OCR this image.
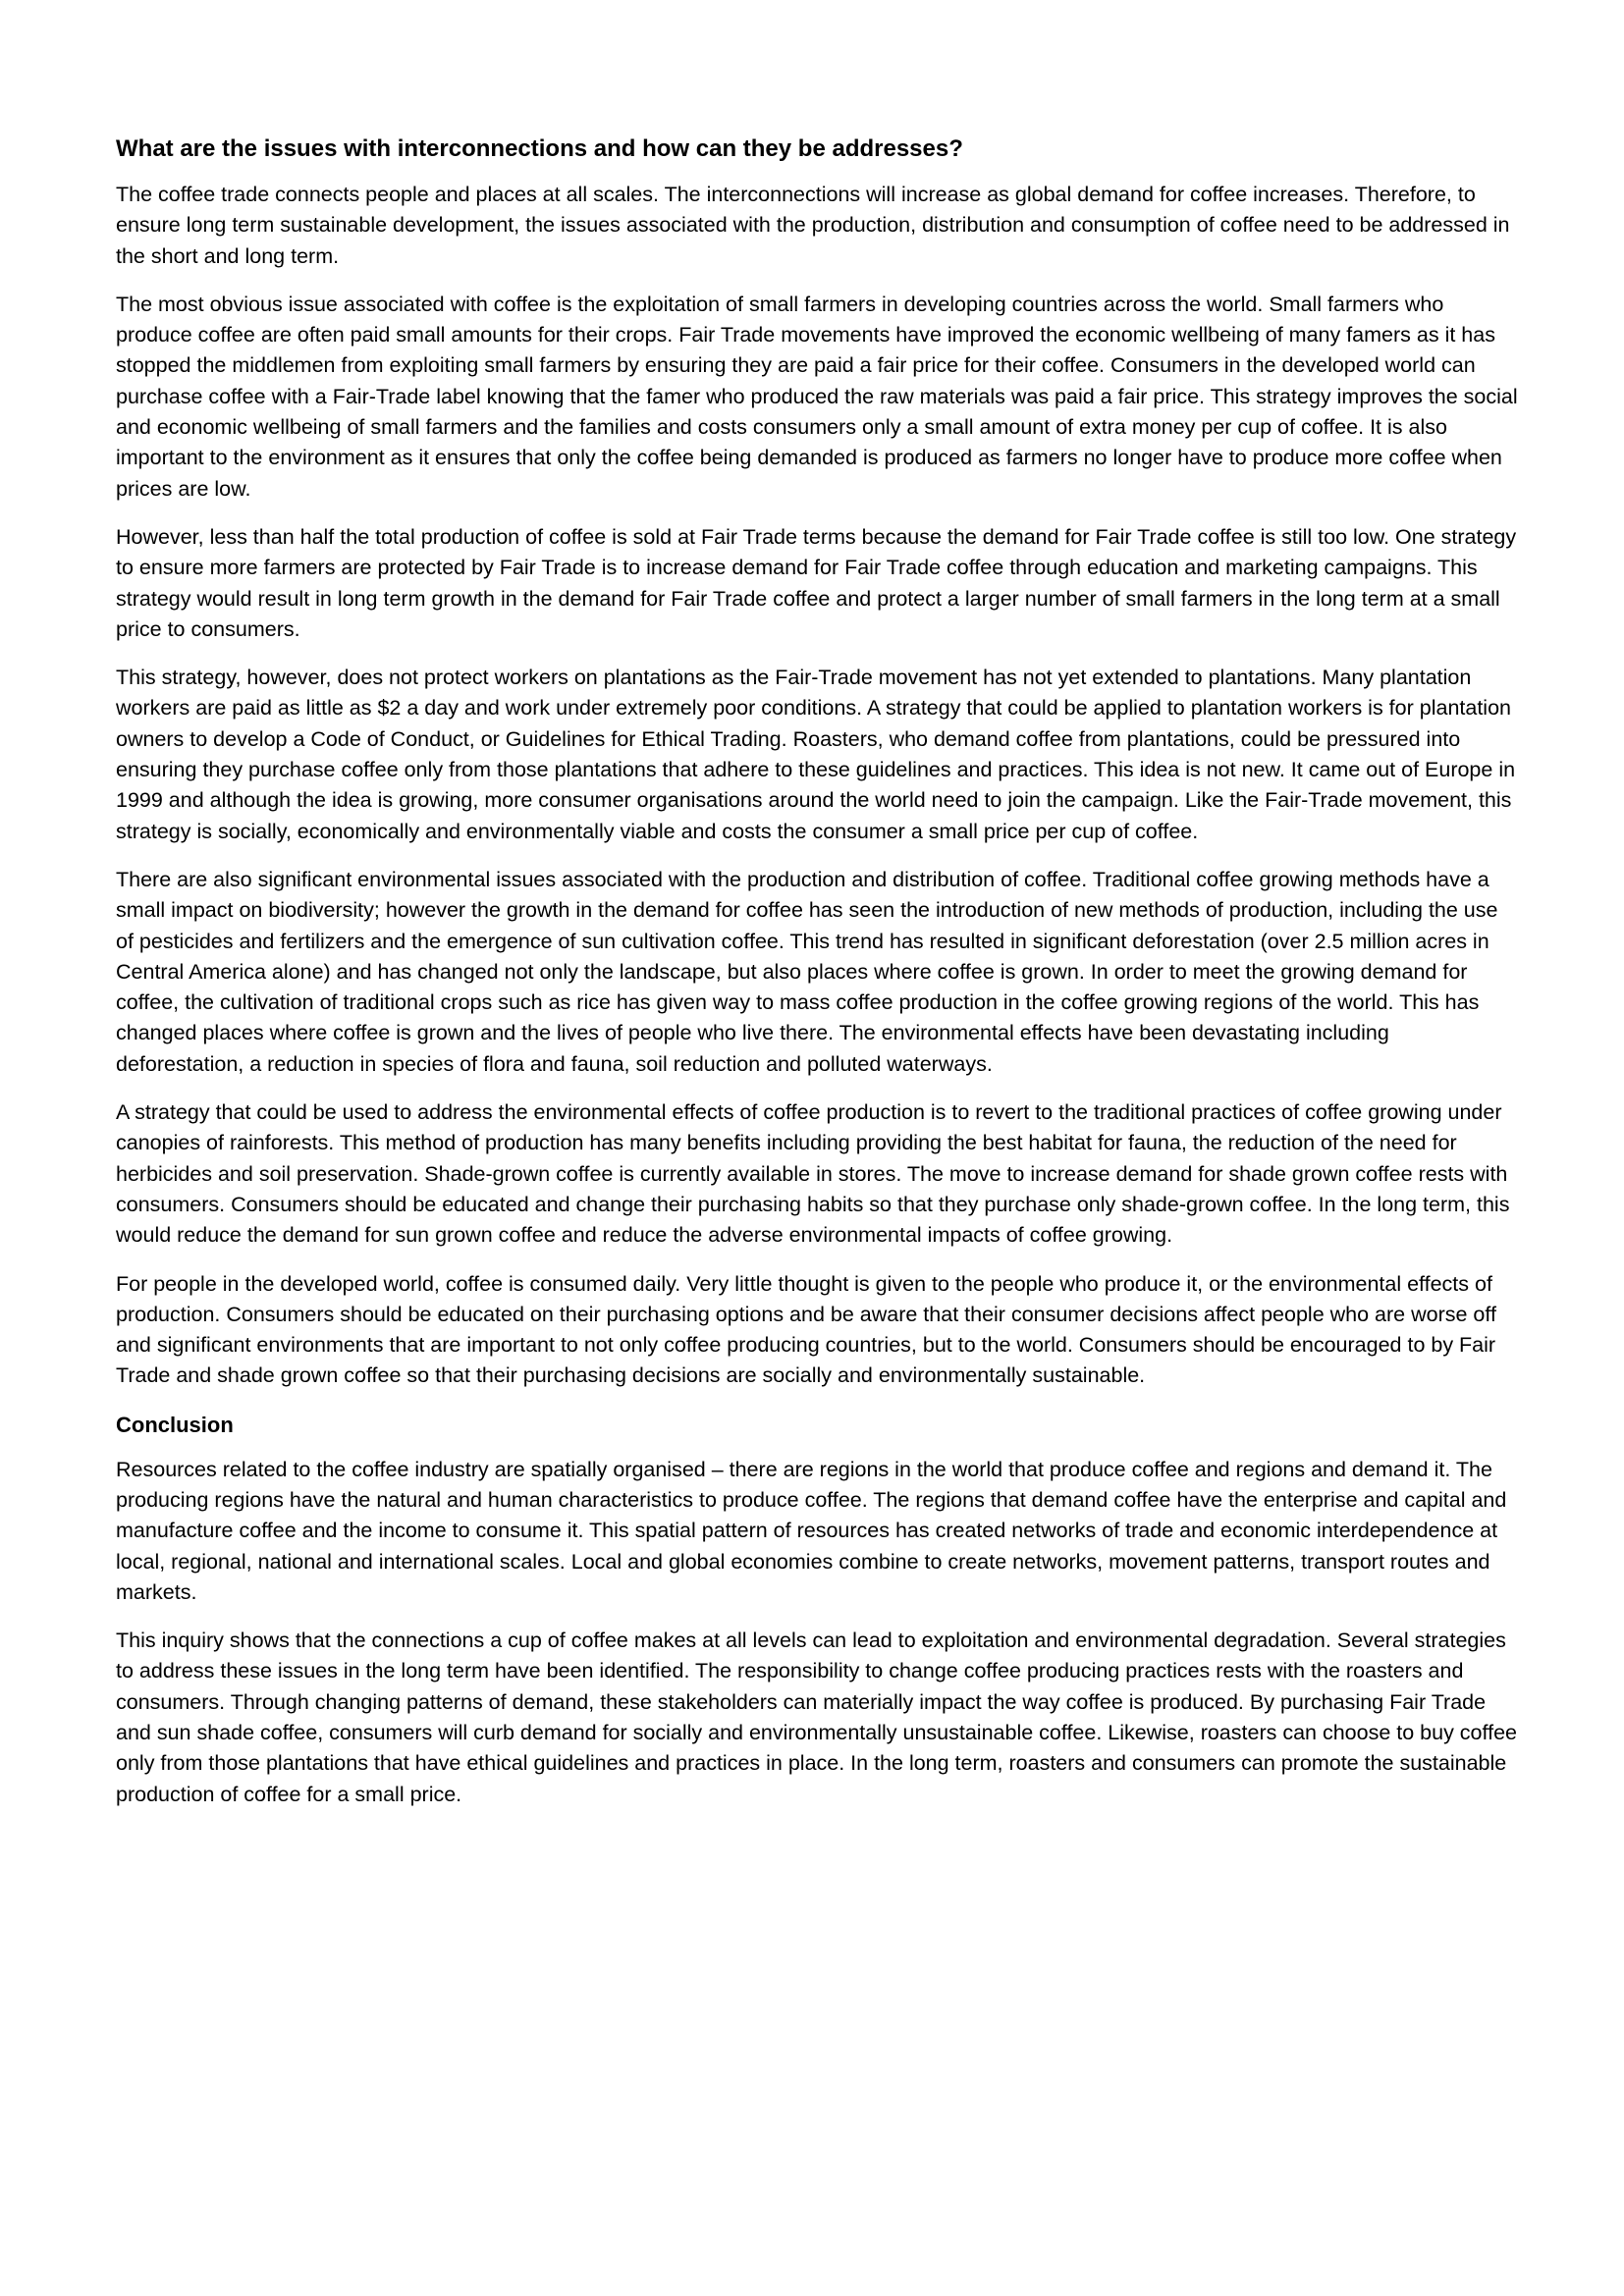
What are the issues with interconnections and how can they be addresses?

The coffee trade connects people and places at all scales. The interconnections will increase as global demand for coffee increases. Therefore, to ensure long term sustainable development, the issues associated with the production, distribution and consumption of coffee need to be addressed in the short and long term.

The most obvious issue associated with coffee is the exploitation of small farmers in developing countries across the world. Small farmers who produce coffee are often paid small amounts for their crops. Fair Trade movements have improved the economic wellbeing of many famers as it has stopped the middlemen from exploiting small farmers by ensuring they are paid a fair price for their coffee. Consumers in the developed world can purchase coffee with a Fair-Trade label knowing that the famer who produced the raw materials was paid a fair price. This strategy improves the social and economic wellbeing of small farmers and the families and costs consumers only a small amount of extra money per cup of coffee. It is also important to the environment as it ensures that only the coffee being demanded is produced as farmers no longer have to produce more coffee when prices are low.

However, less than half the total production of coffee is sold at Fair Trade terms because the demand for Fair Trade coffee is still too low. One strategy to ensure more farmers are protected by Fair Trade is to increase demand for Fair Trade coffee through education and marketing campaigns. This strategy would result in long term growth in the demand for Fair Trade coffee and protect a larger number of small farmers in the long term at a small price to consumers.

This strategy, however, does not protect workers on plantations as the Fair-Trade movement has not yet extended to plantations. Many plantation workers are paid as little as $2 a day and work under extremely poor conditions. A strategy that could be applied to plantation workers is for plantation owners to develop a Code of Conduct, or Guidelines for Ethical Trading. Roasters, who demand coffee from plantations, could be pressured into ensuring they purchase coffee only from those plantations that adhere to these guidelines and practices. This idea is not new. It came out of Europe in 1999 and although the idea is growing, more consumer organisations around the world need to join the campaign. Like the Fair-Trade movement, this strategy is socially, economically and environmentally viable and costs the consumer a small price per cup of coffee.

There are also significant environmental issues associated with the production and distribution of coffee. Traditional coffee growing methods have a small impact on biodiversity; however the growth in the demand for coffee has seen the introduction of new methods of production, including the use of pesticides and fertilizers and the emergence of sun cultivation coffee. This trend has resulted in significant deforestation (over 2.5 million acres in Central America alone) and has changed not only the landscape, but also places where coffee is grown. In order to meet the growing demand for coffee, the cultivation of traditional crops such as rice has given way to mass coffee production in the coffee growing regions of the world. This has changed places where coffee is grown and the lives of people who live there. The environmental effects have been devastating including deforestation, a reduction in species of flora and fauna, soil reduction and polluted waterways.

A strategy that could be used to address the environmental effects of coffee production is to revert to the traditional practices of coffee growing under canopies of rainforests. This method of production has many benefits including providing the best habitat for fauna, the reduction of the need for herbicides and soil preservation. Shade-grown coffee is currently available in stores. The move to increase demand for shade grown coffee rests with consumers. Consumers should be educated and change their purchasing habits so that they purchase only shade-grown coffee. In the long term, this would reduce the demand for sun grown coffee and reduce the adverse environmental impacts of coffee growing.

For people in the developed world, coffee is consumed daily. Very little thought is given to the people who produce it, or the environmental effects of production. Consumers should be educated on their purchasing options and be aware that their consumer decisions affect people who are worse off and significant environments that are important to not only coffee producing countries, but to the world. Consumers should be encouraged to by Fair Trade and shade grown coffee so that their purchasing decisions are socially and environmentally sustainable.

Conclusion

Resources related to the coffee industry are spatially organised – there are regions in the world that produce coffee and regions and demand it. The producing regions have the natural and human characteristics to produce coffee. The regions that demand coffee have the enterprise and capital and manufacture coffee and the income to consume it. This spatial pattern of resources has created networks of trade and economic interdependence at local, regional, national and international scales. Local and global economies combine to create networks, movement patterns, transport routes and markets.

This inquiry shows that the connections a cup of coffee makes at all levels can lead to exploitation and environmental degradation. Several strategies to address these issues in the long term have been identified. The responsibility to change coffee producing practices rests with the roasters and consumers. Through changing patterns of demand, these stakeholders can materially impact the way coffee is produced. By purchasing Fair Trade and sun shade coffee, consumers will curb demand for socially and environmentally unsustainable coffee. Likewise, roasters can choose to buy coffee only from those plantations that have ethical guidelines and practices in place. In the long term, roasters and consumers can promote the sustainable production of coffee for a small price.
